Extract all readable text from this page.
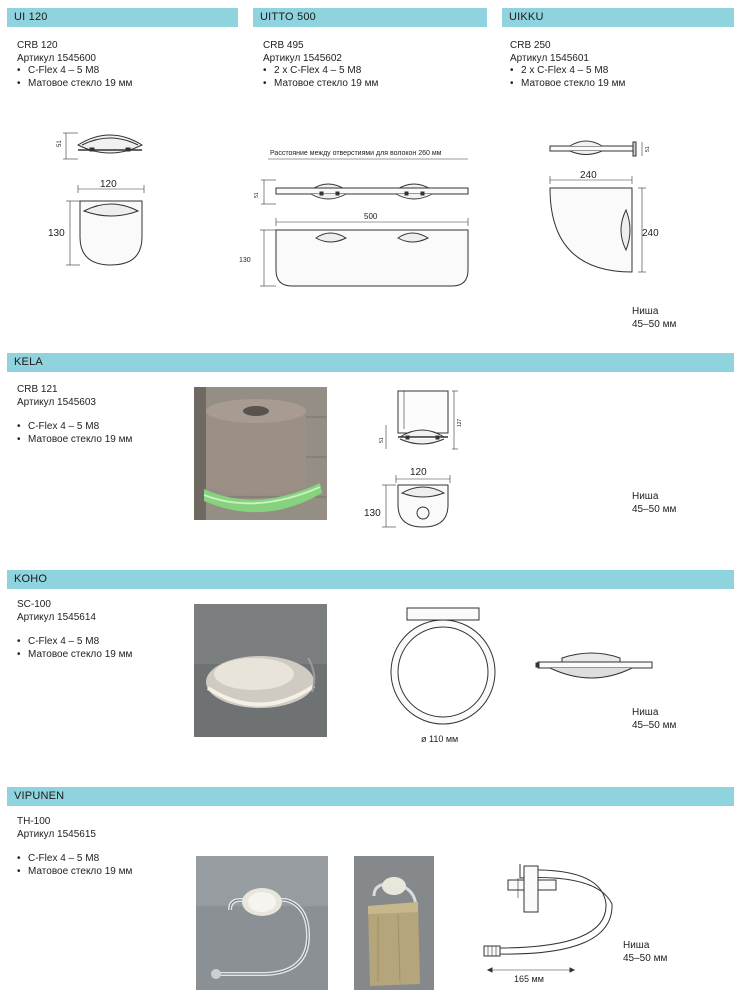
UI 120	UITTO 500	UIKKU
CRB 120
Артикул 1545600
• C-Flex 4 – 5 M8
• Матовое стекло 19 мм
CRB 495
Артикул 1545602
• 2 x C-Flex 4 – 5 M8
• Матовое стекло 19 мм
CRB 250
Артикул 1545601
• 2 x C-Flex 4 – 5 M8
• Матовое стекло 19 мм
51
120
130
Расстояние между отверстиями для волокон 260 мм
51
500
130
51
240
240
Ниша
45–50 мм
KELA
CRB 121
Артикул 1545603
• C-Flex 4 – 5 M8
• Матовое стекло 19 мм
127
51
120
130
Ниша
45–50 мм
KOHO
SC-100
Артикул 1545614
• C-Flex 4 – 5 M8
• Матовое стекло 19 мм
ø 110 мм
Ниша
45–50 мм
VIPUNEN
TH-100
Артикул 1545615
• C-Flex 4 – 5 M8
• Матовое стекло 19 мм
165 мм
Ниша
45–50 мм
